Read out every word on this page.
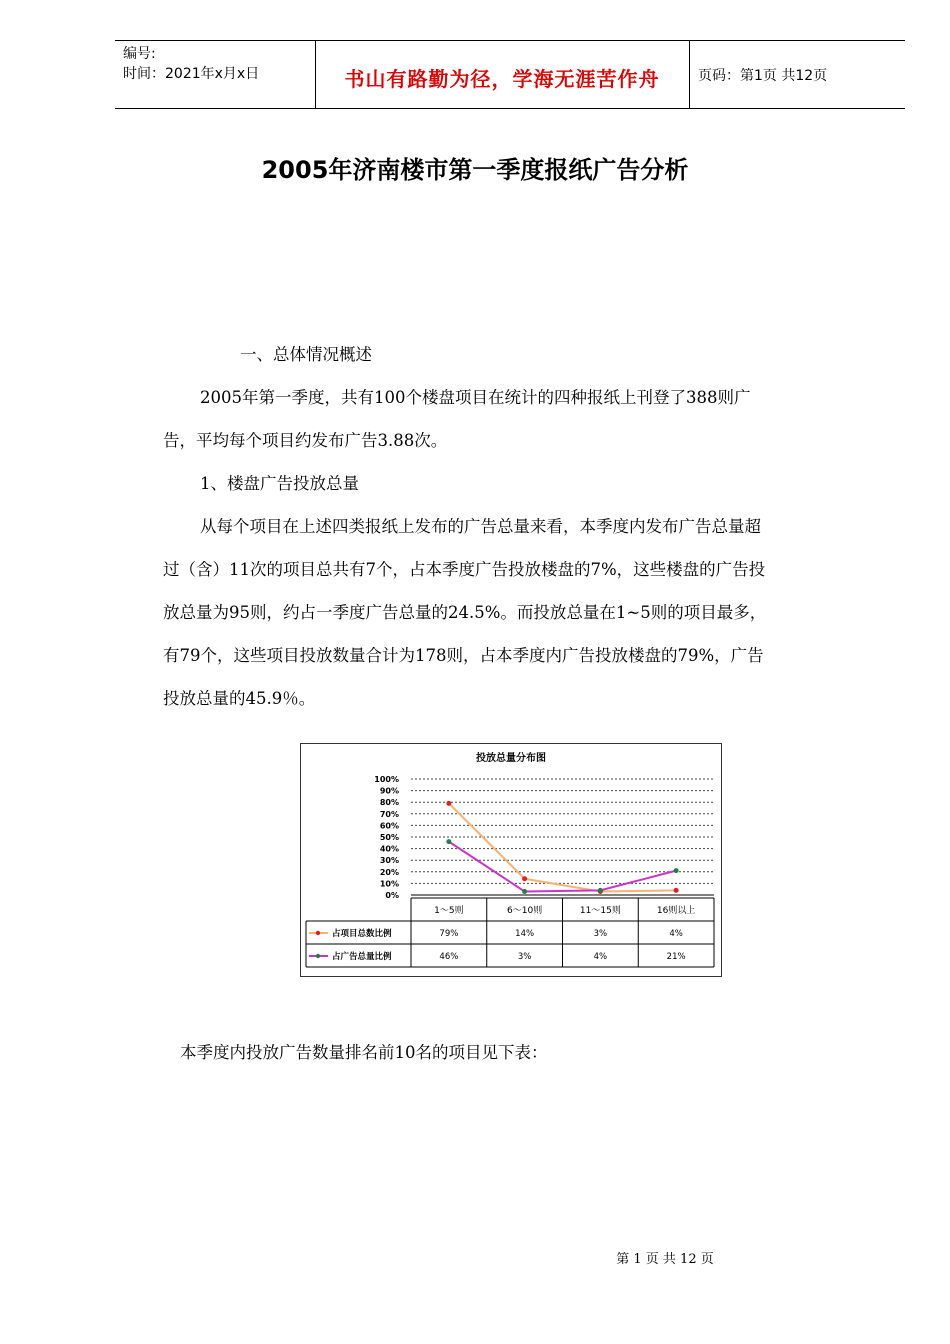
编号:
时间：2021年x月x日	书山有路勤为径，学海无涯苦作舟	页码：第1页 共12页
2005年济南楼市第一季度报纸广告分析
一、总体情况概述
2005年第一季度，共有100个楼盘项目在统计的四种报纸上刊登了388则广
告，平均每个项目约发布广告3.88次。
1、楼盘广告投放总量
从每个项目在上述四类报纸上发布的广告总量来看，本季度内发布广告总量超
过（含）11次的项目总共有7个，占本季度广告投放楼盘的7%，这些楼盘的广告投
放总量为95则，约占一季度广告总量的24.5%。而投放总量在1~5则的项目最多，
有79个，这些项目投放数量合计为178则，占本季度内广告投放楼盘的79%，广告
投放总量的45.9％。
投放总量分布图
100%
90%
80%
70%
60%
50%
40%
30%
20%
10%
0%
1～5则	6～10则	11～15则	16则以上
占项目总数比例	79%	14%	3%	4%
占广告总量比例	46%	3%	4%	21%
本季度内投放广告数量排名前10名的项目见下表：
第 1 页 共 12 页
